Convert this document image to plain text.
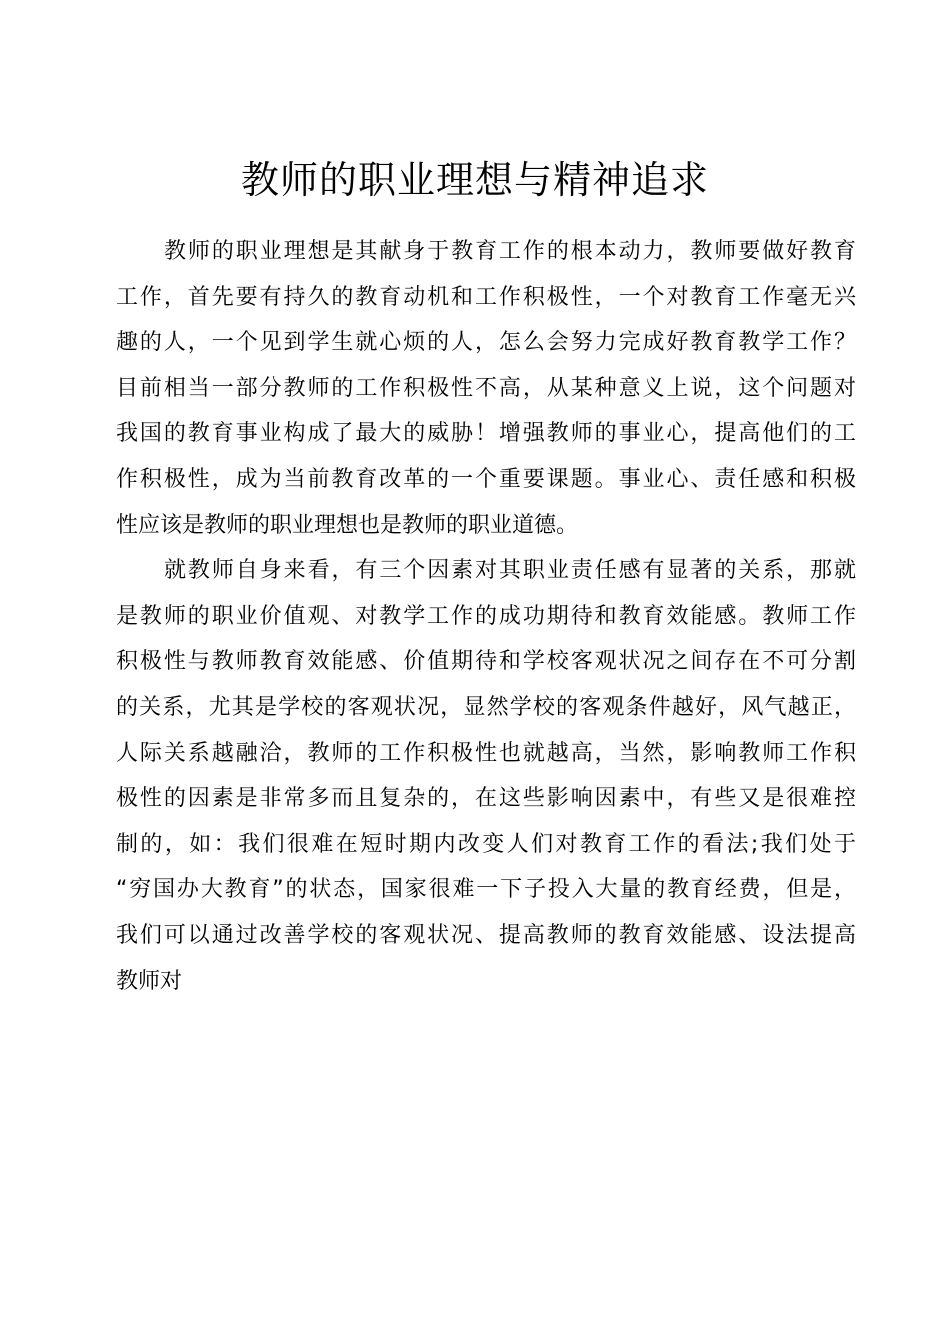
教师的职业理想与精神追求

教师的职业理想是其献身于教育工作的根本动力，教师要做好教育
工作，首先要有持久的教育动机和工作积极性，一个对教育工作毫无兴
趣的人，一个见到学生就心烦的人，怎么会努力完成好教育教学工作？
目前相当一部分教师的工作积极性不高，从某种意义上说，这个问题对
我国的教育事业构成了最大的威胁！增强教师的事业心，提高他们的工
作积极性，成为当前教育改革的一个重要课题。事业心、责任感和积极
性应该是教师的职业理想也是教师的职业道德。

就教师自身来看，有三个因素对其职业责任感有显著的关系，那就
是教师的职业价值观、对教学工作的成功期待和教育效能感。教师工作
积极性与教师教育效能感、价值期待和学校客观状况之间存在不可分割
的关系，尤其是学校的客观状况，显然学校的客观条件越好，风气越正，
人际关系越融洽，教师的工作积极性也就越高，当然，影响教师工作积
极性的因素是非常多而且复杂的，在这些影响因素中，有些又是很难控
制的，如：我们很难在短时期内改变人们对教育工作的看法;我们处于
“穷国办大教育”的状态，国家很难一下子投入大量的教育经费，但是，
我们可以通过改善学校的客观状况、提高教师的教育效能感、设法提高
教师对
